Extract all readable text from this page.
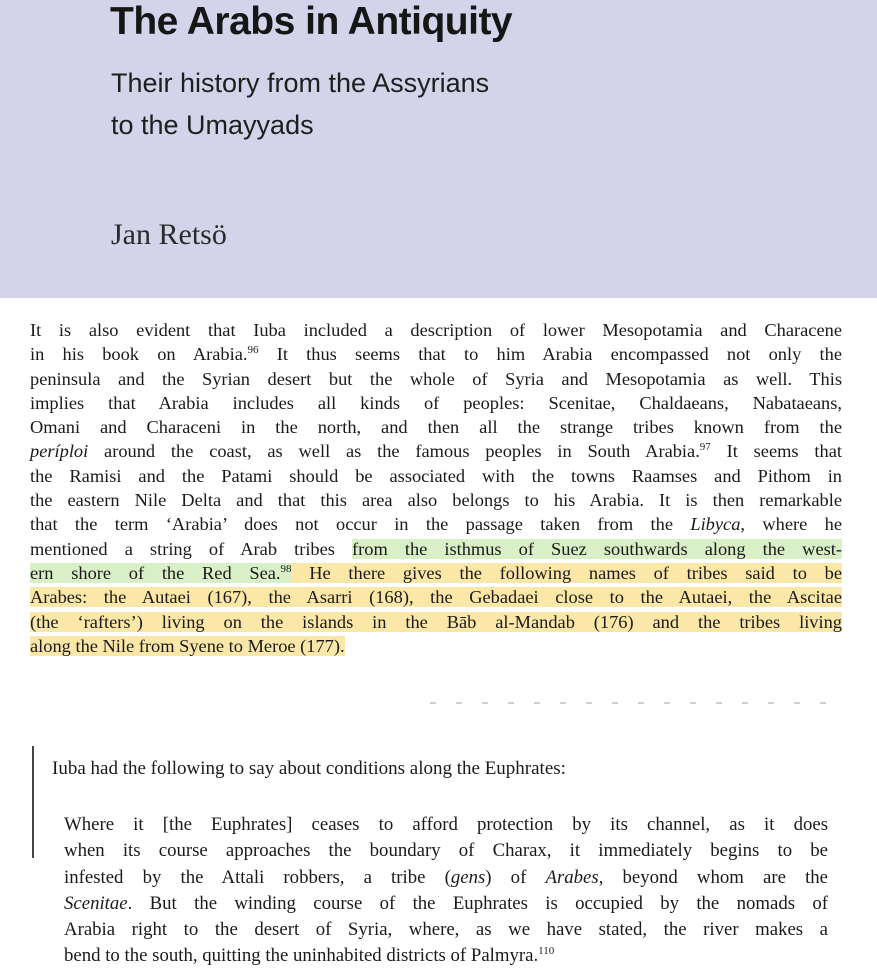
The Arabs in Antiquity
Their history from the Assyrians
to the Umayyads
Jan Retsö
It is also evident that Iuba included a description of lower Mesopotamia and Characene
in his book on Arabia.$^{96}$ It thus seems that to him Arabia encompassed not only the
peninsula and the Syrian desert but the whole of Syria and Mesopotamia as well. This
implies that Arabia includes all kinds of peoples: Scenitae, Chaldaeans, Nabataeans,
Omani and Characeni in the north, and then all the strange tribes known from the
períploi around the coast, as well as the famous peoples in South Arabia.$^{97}$ It seems that
the Ramisi and the Patami should be associated with the towns Raamses and Pithom in
the eastern Nile Delta and that this area also belongs to his Arabia. It is then remarkable
that the term ‘Arabia’ does not occur in the passage taken from the Libyca, where he
mentioned a string of Arab tribes from the isthmus of Suez southwards along the west-
ern shore of the Red Sea.$^{98}$ He there gives the following names of tribes said to be
Arabes: the Autaei (167), the Asarri (168), the Gebadaei close to the Autaei, the Ascitae
(the ‘rafters’) living on the islands in the Bāb al-Mandab (176) and the tribes living
along the Nile from Syene to Meroe (177).
Iuba had the following to say about conditions along the Euphrates:
Where it [the Euphrates] ceases to afford protection by its channel, as it does
when its course approaches the boundary of Charax, it immediately begins to be
infested by the Attali robbers, a tribe (gens) of Arabes, beyond whom are the
Scenitae. But the winding course of the Euphrates is occupied by the nomads of
Arabia right to the desert of Syria, where, as we have stated, the river makes a
bend to the south, quitting the uninhabited districts of Palmyra.$^{110}$
